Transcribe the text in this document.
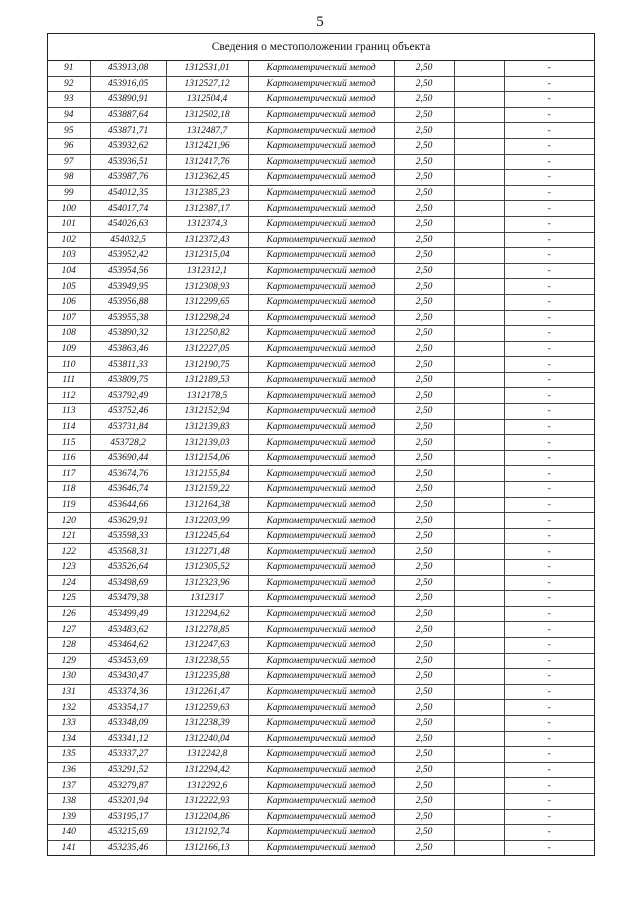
5
Сведения о местоположении границ объекта
91	453913,08	1312531,01	Картометрический метод	2,50		-
92	453916,05	1312527,12	Картометрический метод	2,50		-
93	453890,91	1312504,4	Картометрический метод	2,50		-
94	453887,64	1312502,18	Картометрический метод	2,50		-
95	453871,71	1312487,7	Картометрический метод	2,50		-
96	453932,62	1312421,96	Картометрический метод	2,50		-
97	453936,51	1312417,76	Картометрический метод	2,50		-
98	453987,76	1312362,45	Картометрический метод	2,50		-
99	454012,35	1312385,23	Картометрический метод	2,50		-
100	454017,74	1312387,17	Картометрический метод	2,50		-
101	454026,63	1312374,3	Картометрический метод	2,50		-
102	454032,5	1312372,43	Картометрический метод	2,50		-
103	453952,42	1312315,04	Картометрический метод	2,50		-
104	453954,56	1312312,1	Картометрический метод	2,50		-
105	453949,95	1312308,93	Картометрический метод	2,50		-
106	453956,88	1312299,65	Картометрический метод	2,50		-
107	453955,38	1312298,24	Картометрический метод	2,50		-
108	453890,32	1312250,82	Картометрический метод	2,50		-
109	453863,46	1312227,05	Картометрический метод	2,50		-
110	453811,33	1312190,75	Картометрический метод	2,50		-
111	453809,75	1312189,53	Картометрический метод	2,50		-
112	453792,49	1312178,5	Картометрический метод	2,50		-
113	453752,46	1312152,94	Картометрический метод	2,50		-
114	453731,84	1312139,83	Картометрический метод	2,50		-
115	453728,2	1312139,03	Картометрический метод	2,50		-
116	453690,44	1312154,06	Картометрический метод	2,50		-
117	453674,76	1312155,84	Картометрический метод	2,50		-
118	453646,74	1312159,22	Картометрический метод	2,50		-
119	453644,66	1312164,38	Картометрический метод	2,50		-
120	453629,91	1312203,99	Картометрический метод	2,50		-
121	453598,33	1312245,64	Картометрический метод	2,50		-
122	453568,31	1312271,48	Картометрический метод	2,50		-
123	453526,64	1312305,52	Картометрический метод	2,50		-
124	453498,69	1312323,96	Картометрический метод	2,50		-
125	453479,38	1312317	Картометрический метод	2,50		-
126	453499,49	1312294,62	Картометрический метод	2,50		-
127	453483,62	1312278,85	Картометрический метод	2,50		-
128	453464,62	1312247,63	Картометрический метод	2,50		-
129	453453,69	1312238,55	Картометрический метод	2,50		-
130	453430,47	1312235,88	Картометрический метод	2,50		-
131	453374,36	1312261,47	Картометрический метод	2,50		-
132	453354,17	1312259,63	Картометрический метод	2,50		-
133	453348,09	1312238,39	Картометрический метод	2,50		-
134	453341,12	1312240,04	Картометрический метод	2,50		-
135	453337,27	1312242,8	Картометрический метод	2,50		-
136	453291,52	1312294,42	Картометрический метод	2,50		-
137	453279,87	1312292,6	Картометрический метод	2,50		-
138	453201,94	1312222,93	Картометрический метод	2,50		-
139	453195,17	1312204,86	Картометрический метод	2,50		-
140	453215,69	1312192,74	Картометрический метод	2,50		-
141	453235,46	1312166,13	Картометрический метод	2,50		-
